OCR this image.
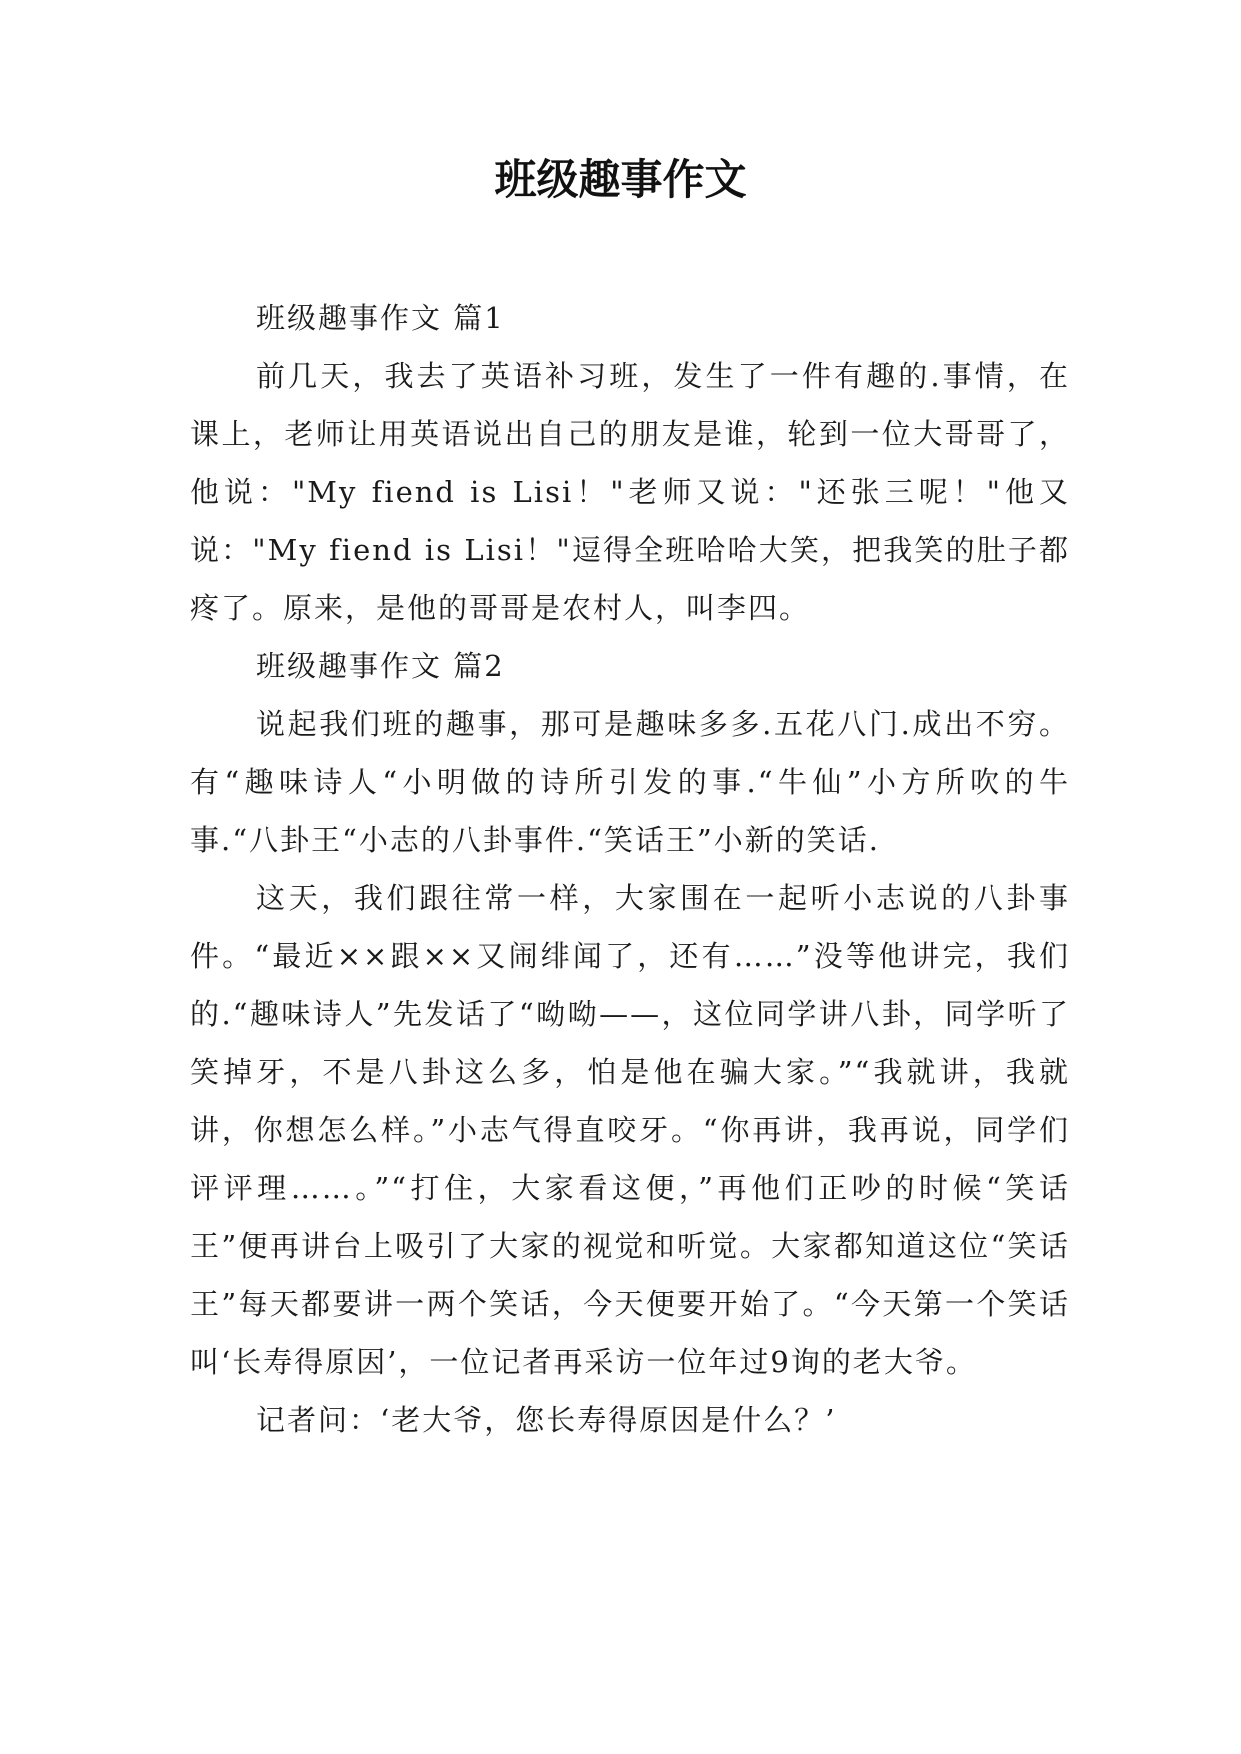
班级趣事作文

班级趣事作文 篇1

前几天，我去了英语补习班，发生了一件有趣的.事情，在课上，老师让用英语说出自己的朋友是谁，轮到一位大哥哥了，他说："My fiend is Lisi！"老师又说："还张三呢！"他又说："My fiend is Lisi！"逗得全班哈哈大笑，把我笑的肚子都疼了。原来，是他的哥哥是农村人，叫李四。

班级趣事作文 篇2

说起我们班的趣事，那可是趣味多多.五花八门.成出不穷。有“趣味诗人“小明做的诗所引发的事.“牛仙”小方所吹的牛事.“八卦王“小志的八卦事件.“笑话王”小新的笑话.

这天，我们跟往常一样，大家围在一起听小志说的八卦事件。“最近××跟××又闹绯闻了，还有……”没等他讲完，我们的.“趣味诗人”先发话了“呦呦——，这位同学讲八卦，同学听了笑掉牙，不是八卦这么多，怕是他在骗大家。”“我就讲，我就讲，你想怎么样。”小志气得直咬牙。“你再讲，我再说，同学们评评理……。”“打住，大家看这便，”再他们正吵的时候“笑话王”便再讲台上吸引了大家的视觉和听觉。大家都知道这位“笑话王”每天都要讲一两个笑话，今天便要开始了。“今天第一个笑话叫‘长寿得原因’，一位记者再采访一位年过9询的老大爷。

记者问：‘老大爷，您长寿得原因是什么？’
